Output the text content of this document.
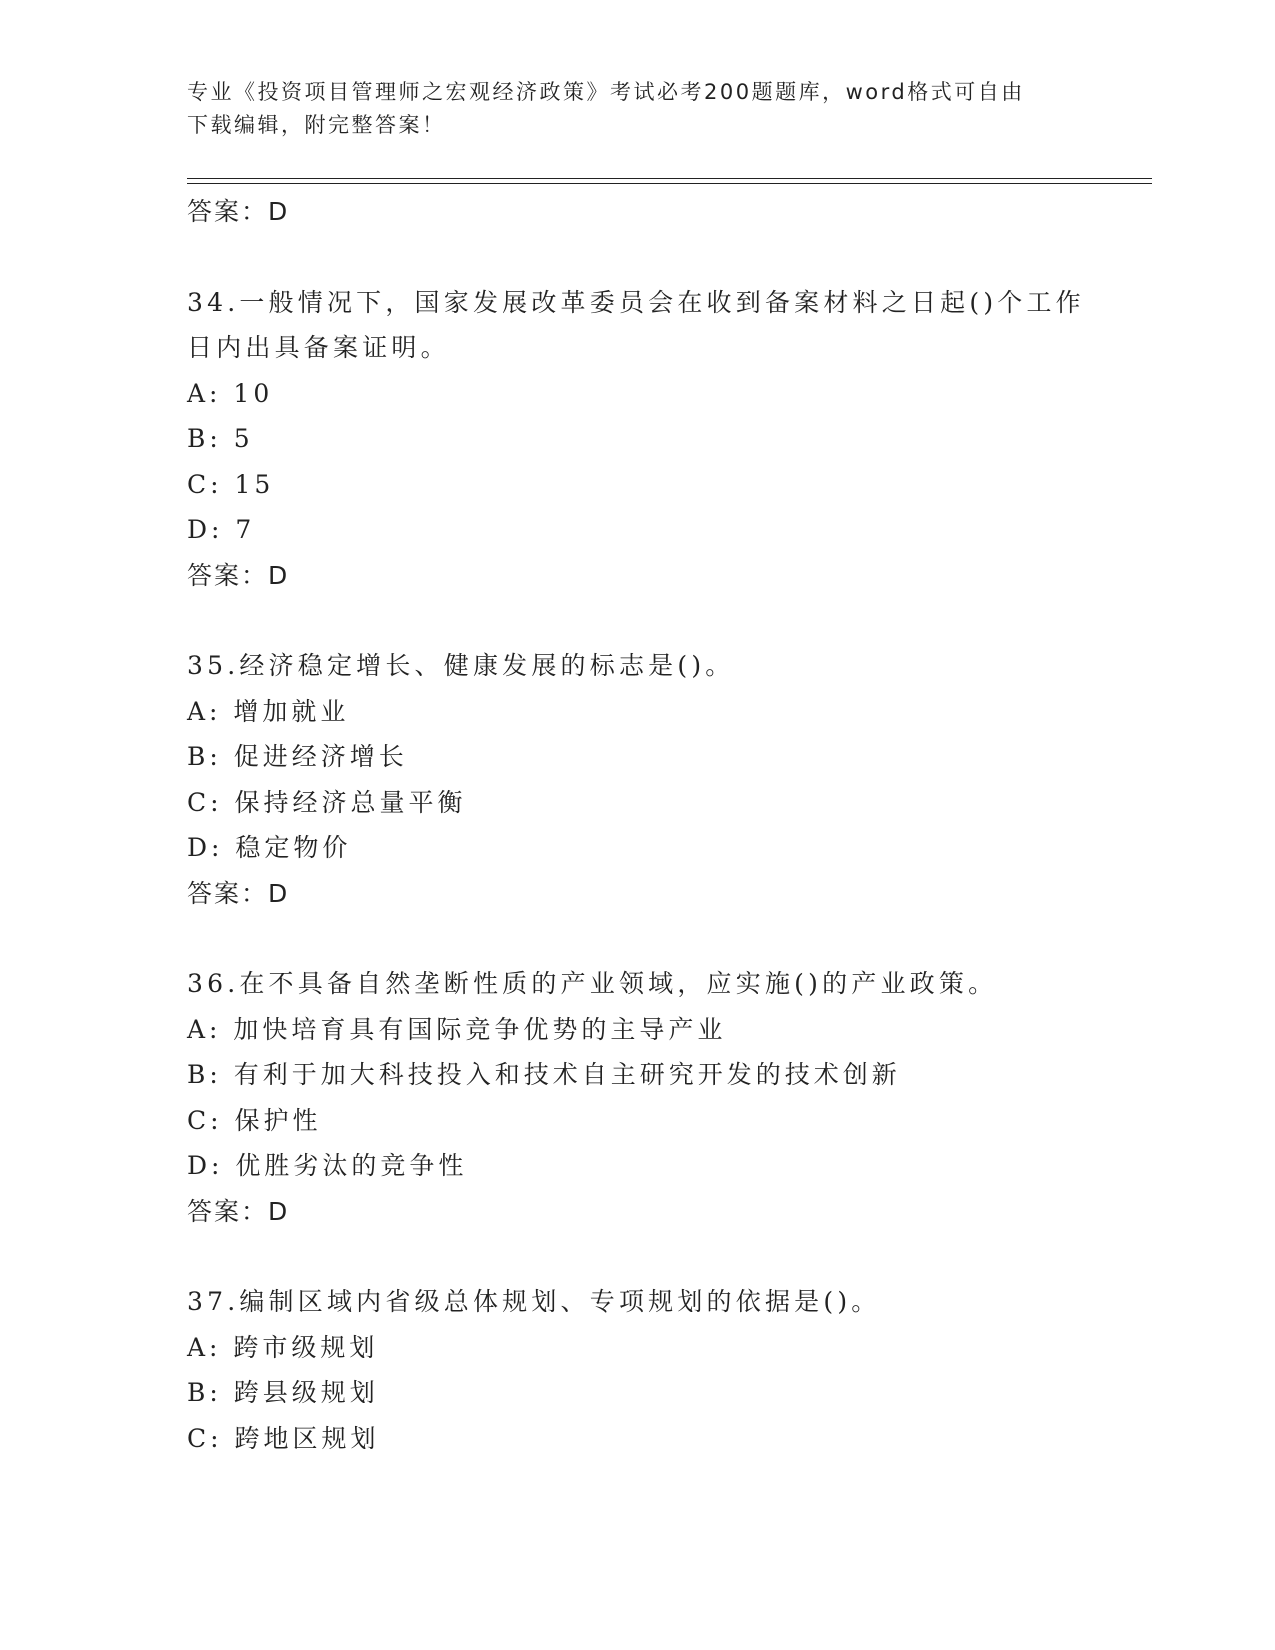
专业《投资项目管理师之宏观经济政策》考试必考200题题库，word格式可自由
下载编辑，附完整答案！
答案：D
34.一般情况下，国家发展改革委员会在收到备案材料之日起()个工作
日内出具备案证明。
A: 10
B: 5
C: 15
D: 7
答案：D
35.经济稳定增长、健康发展的标志是()。
A: 增加就业
B: 促进经济增长
C: 保持经济总量平衡
D: 稳定物价
答案：D
36.在不具备自然垄断性质的产业领域，应实施()的产业政策。
A: 加快培育具有国际竞争优势的主导产业
B: 有利于加大科技投入和技术自主研究开发的技术创新
C: 保护性
D: 优胜劣汰的竞争性
答案：D
37.编制区域内省级总体规划、专项规划的依据是()。
A: 跨市级规划
B: 跨县级规划
C: 跨地区规划
